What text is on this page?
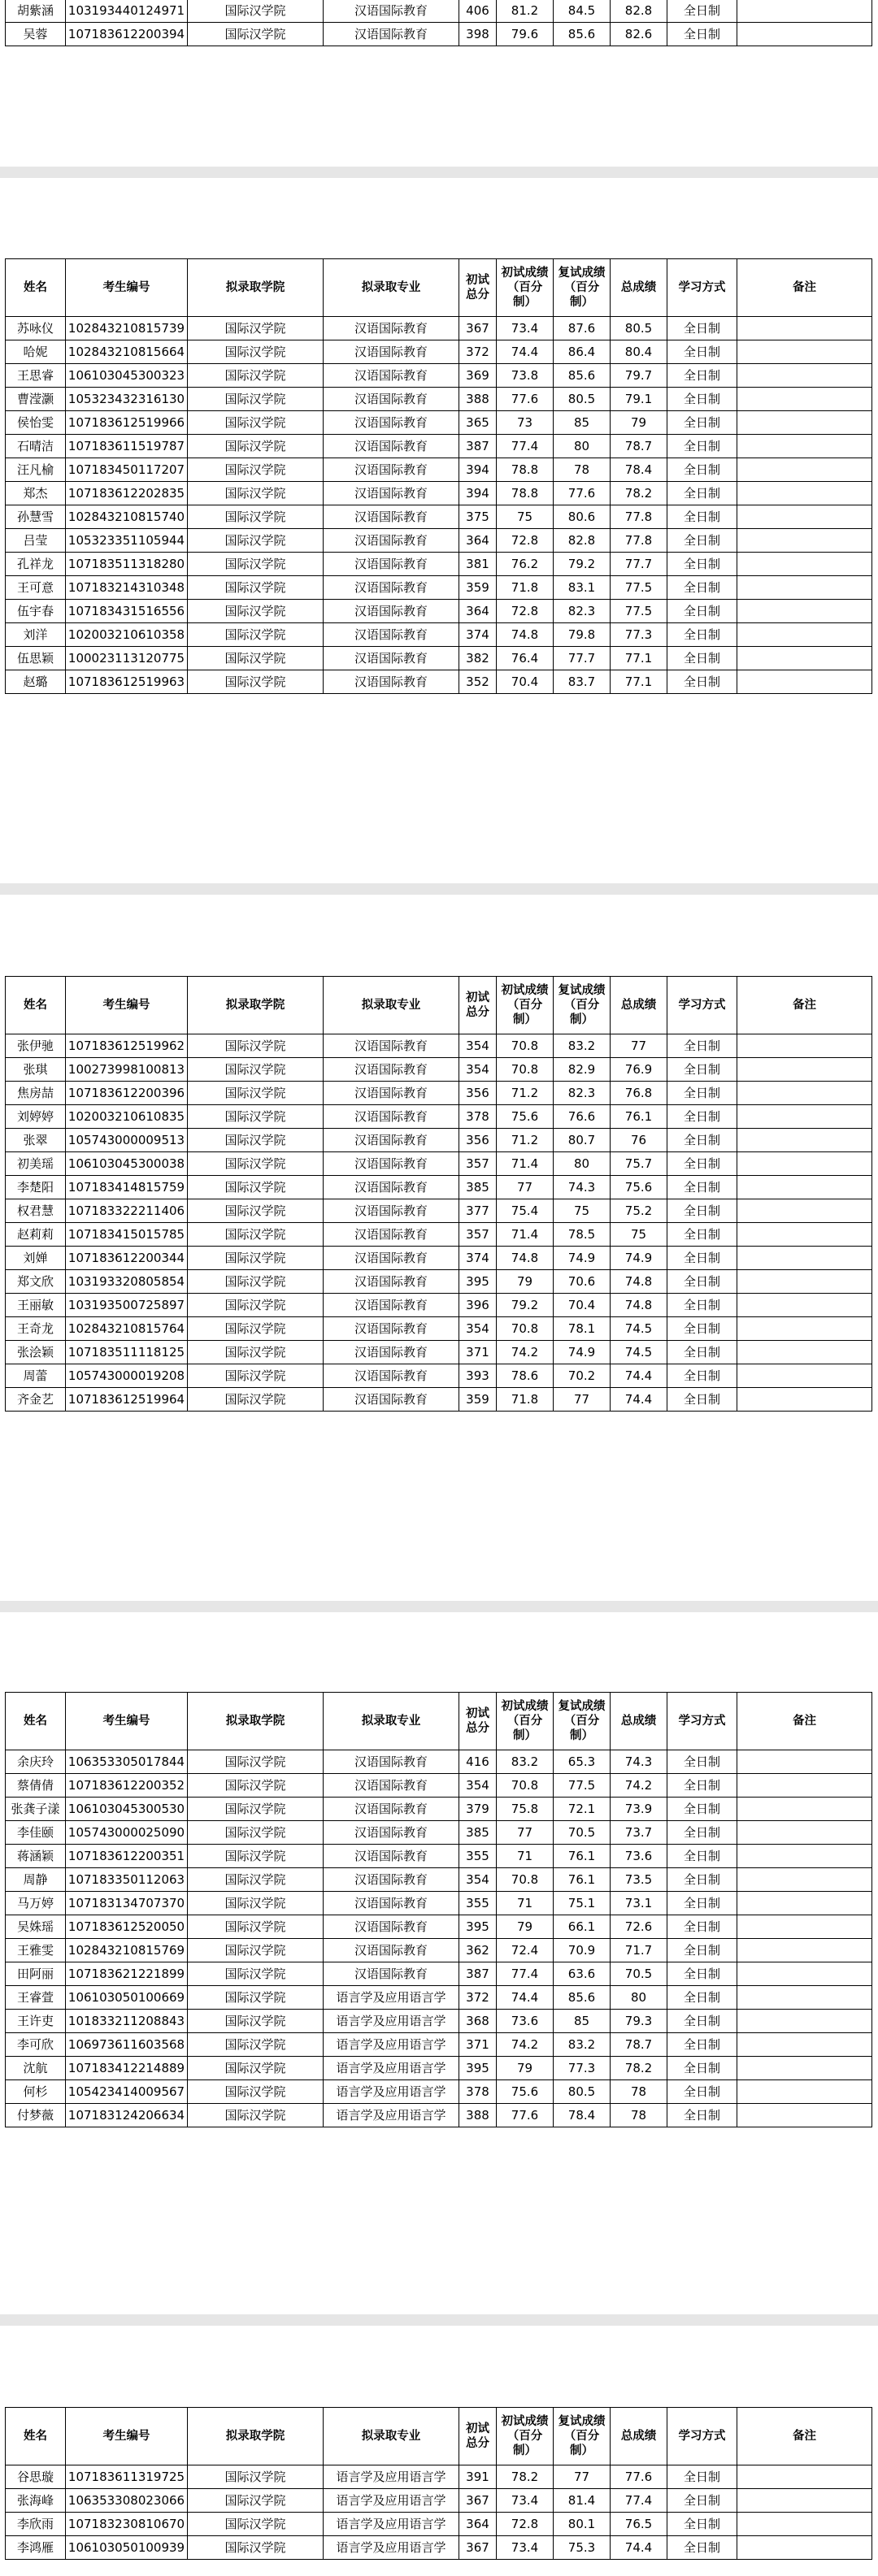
胡紫涵	103193440124971	国际汉学院	汉语国际教育	406	81.2	84.5	82.8	全日制	
吴蓉	107183612200394	国际汉学院	汉语国际教育	398	79.6	85.6	82.6	全日制	
姓名	考生编号	拟录取学院	拟录取专业	初试总分	初试成绩（百分制）	复试成绩（百分制）	总成绩	学习方式	备注
苏咏仪	102843210815739	国际汉学院	汉语国际教育	367	73.4	87.6	80.5	全日制	
哈妮	102843210815664	国际汉学院	汉语国际教育	372	74.4	86.4	80.4	全日制	
王思睿	106103045300323	国际汉学院	汉语国际教育	369	73.8	85.6	79.7	全日制	
曹滢灏	105323432316130	国际汉学院	汉语国际教育	388	77.6	80.5	79.1	全日制	
侯怡雯	107183612519966	国际汉学院	汉语国际教育	365	73	85	79	全日制	
石晴洁	107183611519787	国际汉学院	汉语国际教育	387	77.4	80	78.7	全日制	
汪凡榆	107183450117207	国际汉学院	汉语国际教育	394	78.8	78	78.4	全日制	
郑杰	107183612202835	国际汉学院	汉语国际教育	394	78.8	77.6	78.2	全日制	
孙慧雪	102843210815740	国际汉学院	汉语国际教育	375	75	80.6	77.8	全日制	
吕莹	105323351105944	国际汉学院	汉语国际教育	364	72.8	82.8	77.8	全日制	
孔祥龙	107183511318280	国际汉学院	汉语国际教育	381	76.2	79.2	77.7	全日制	
王可意	107183214310348	国际汉学院	汉语国际教育	359	71.8	83.1	77.5	全日制	
伍宇春	107183431516556	国际汉学院	汉语国际教育	364	72.8	82.3	77.5	全日制	
刘洋	102003210610358	国际汉学院	汉语国际教育	374	74.8	79.8	77.3	全日制	
伍思颖	100023113120775	国际汉学院	汉语国际教育	382	76.4	77.7	77.1	全日制	
赵璐	107183612519963	国际汉学院	汉语国际教育	352	70.4	83.7	77.1	全日制	
姓名	考生编号	拟录取学院	拟录取专业	初试总分	初试成绩（百分制）	复试成绩（百分制）	总成绩	学习方式	备注
张伊驰	107183612519962	国际汉学院	汉语国际教育	354	70.8	83.2	77	全日制	
张琪	100273998100813	国际汉学院	汉语国际教育	354	70.8	82.9	76.9	全日制	
焦房喆	107183612200396	国际汉学院	汉语国际教育	356	71.2	82.3	76.8	全日制	
刘婷婷	102003210610835	国际汉学院	汉语国际教育	378	75.6	76.6	76.1	全日制	
张翠	105743000009513	国际汉学院	汉语国际教育	356	71.2	80.7	76	全日制	
初美瑶	106103045300038	国际汉学院	汉语国际教育	357	71.4	80	75.7	全日制	
李楚阳	107183414815759	国际汉学院	汉语国际教育	385	77	74.3	75.6	全日制	
权君慧	107183322211406	国际汉学院	汉语国际教育	377	75.4	75	75.2	全日制	
赵莉莉	107183415015785	国际汉学院	汉语国际教育	357	71.4	78.5	75	全日制	
刘婵	107183612200344	国际汉学院	汉语国际教育	374	74.8	74.9	74.9	全日制	
郑文欣	103193320805854	国际汉学院	汉语国际教育	395	79	70.6	74.8	全日制	
王丽敏	103193500725897	国际汉学院	汉语国际教育	396	79.2	70.4	74.8	全日制	
王奇龙	102843210815764	国际汉学院	汉语国际教育	354	70.8	78.1	74.5	全日制	
张浍颖	107183511118125	国际汉学院	汉语国际教育	371	74.2	74.9	74.5	全日制	
周蕾	105743000019208	国际汉学院	汉语国际教育	393	78.6	70.2	74.4	全日制	
齐金艺	107183612519964	国际汉学院	汉语国际教育	359	71.8	77	74.4	全日制	
姓名	考生编号	拟录取学院	拟录取专业	初试总分	初试成绩（百分制）	复试成绩（百分制）	总成绩	学习方式	备注
余庆玲	106353305017844	国际汉学院	汉语国际教育	416	83.2	65.3	74.3	全日制	
蔡倩倩	107183612200352	国际汉学院	汉语国际教育	354	70.8	77.5	74.2	全日制	
张龚子漾	106103045300530	国际汉学院	汉语国际教育	379	75.8	72.1	73.9	全日制	
李佳颐	105743000025090	国际汉学院	汉语国际教育	385	77	70.5	73.7	全日制	
蒋涵颖	107183612200351	国际汉学院	汉语国际教育	355	71	76.1	73.6	全日制	
周静	107183350112063	国际汉学院	汉语国际教育	354	70.8	76.1	73.5	全日制	
马万婷	107183134707370	国际汉学院	汉语国际教育	355	71	75.1	73.1	全日制	
吴姝瑶	107183612520050	国际汉学院	汉语国际教育	395	79	66.1	72.6	全日制	
王雅雯	102843210815769	国际汉学院	汉语国际教育	362	72.4	70.9	71.7	全日制	
田阿丽	107183621221899	国际汉学院	汉语国际教育	387	77.4	63.6	70.5	全日制	
王睿萱	106103050100669	国际汉学院	语言学及应用语言学	372	74.4	85.6	80	全日制	
王许吏	101833211208843	国际汉学院	语言学及应用语言学	368	73.6	85	79.3	全日制	
李可欣	106973611603568	国际汉学院	语言学及应用语言学	371	74.2	83.2	78.7	全日制	
沈航	107183412214889	国际汉学院	语言学及应用语言学	395	79	77.3	78.2	全日制	
何杉	105423414009567	国际汉学院	语言学及应用语言学	378	75.6	80.5	78	全日制	
付梦薇	107183124206634	国际汉学院	语言学及应用语言学	388	77.6	78.4	78	全日制	
姓名	考生编号	拟录取学院	拟录取专业	初试总分	初试成绩（百分制）	复试成绩（百分制）	总成绩	学习方式	备注
谷思璇	107183611319725	国际汉学院	语言学及应用语言学	391	78.2	77	77.6	全日制	
张海峰	106353308023066	国际汉学院	语言学及应用语言学	367	73.4	81.4	77.4	全日制	
李欣雨	107183230810670	国际汉学院	语言学及应用语言学	364	72.8	80.1	76.5	全日制	
李鸿雁	106103050100939	国际汉学院	语言学及应用语言学	367	73.4	75.3	74.4	全日制	
